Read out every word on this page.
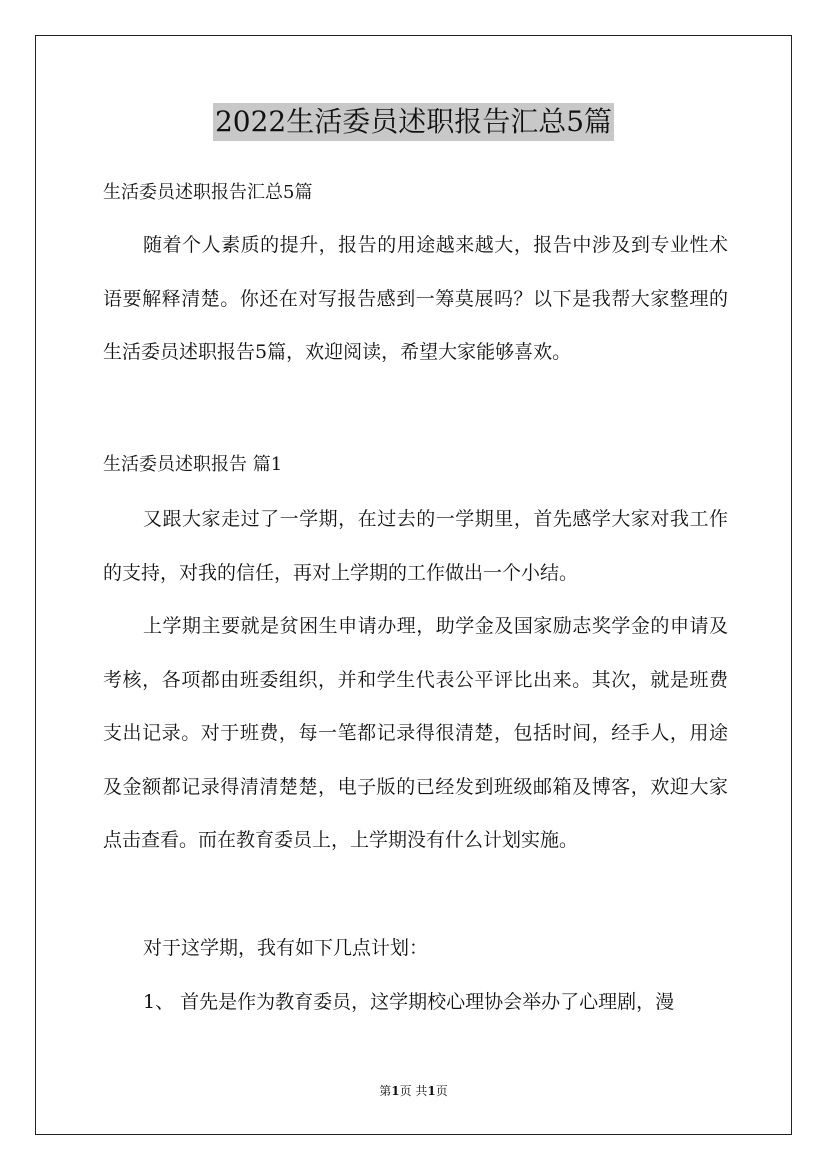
2022生活委员述职报告汇总5篇
生活委员述职报告汇总5篇

随着个人素质的提升，报告的用途越来越大，报告中涉及到专业性术语要解释清楚。你还在对写报告感到一筹莫展吗？以下是我帮大家整理的生活委员述职报告5篇，欢迎阅读，希望大家能够喜欢。

生活委员述职报告 篇1

又跟大家走过了一学期，在过去的一学期里，首先感学大家对我工作的支持，对我的信任，再对上学期的工作做出一个小结。

上学期主要就是贫困生申请办理，助学金及国家励志奖学金的申请及考核，各项都由班委组织，并和学生代表公平评比出来。其次，就是班费支出记录。对于班费，每一笔都记录得很清楚，包括时间，经手人，用途及金额都记录得清清楚楚，电子版的已经发到班级邮箱及博客，欢迎大家点击查看。而在教育委员上，上学期没有什么计划实施。

对于这学期，我有如下几点计划：

1、 首先是作为教育委员，这学期校心理协会举办了心理剧，漫

第1页 共1页
